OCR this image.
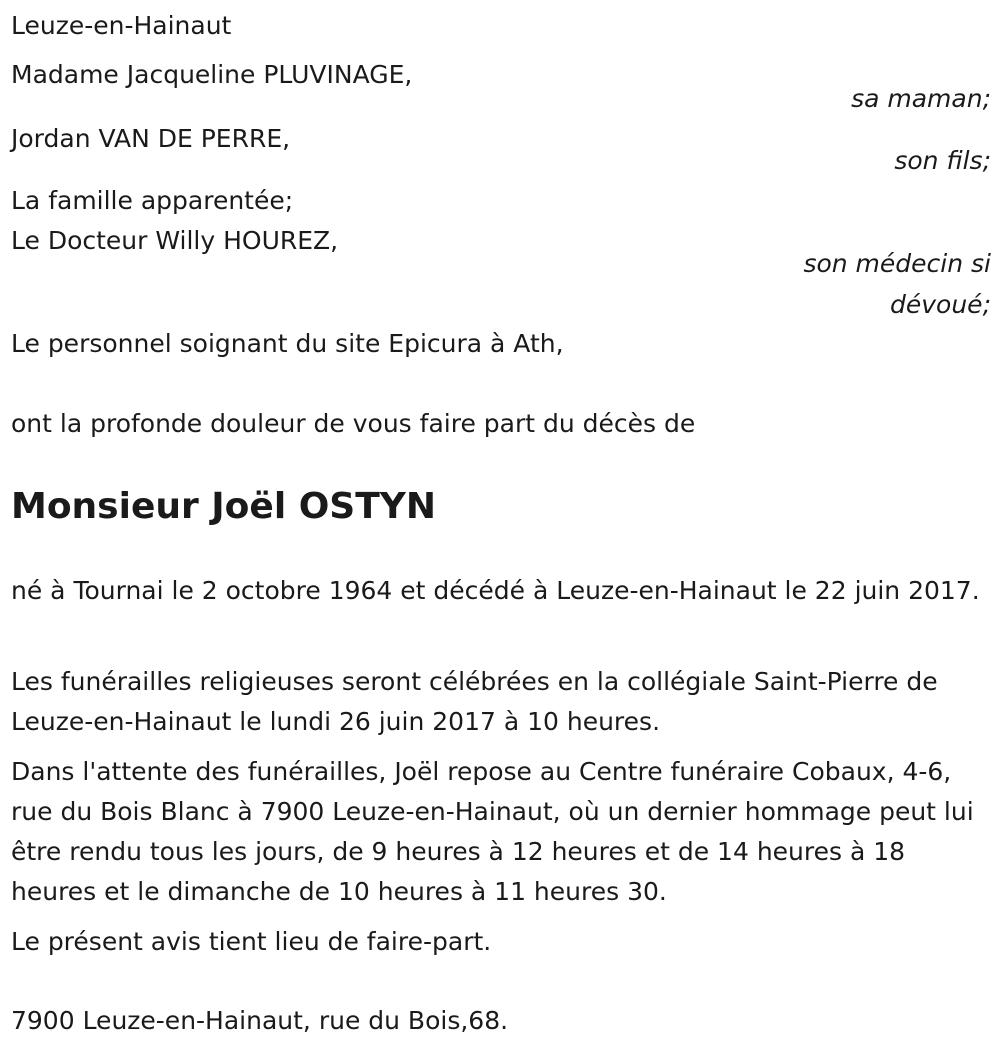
Leuze-en-Hainaut
Madame Jacqueline PLUVINAGE,
sa maman;
Jordan VAN DE PERRE,
son fils;
La famille apparentée;
Le Docteur Willy HOUREZ,
son médecin si
dévoué;
Le personnel soignant du site Epicura à Ath,
ont la profonde douleur de vous faire part du décès de
Monsieur Joël OSTYN
né à Tournai le 2 octobre 1964 et décédé à Leuze-en-Hainaut le 22 juin 2017.
Les funérailles religieuses seront célébrées en la collégiale Saint-Pierre de Leuze-en-Hainaut le lundi 26 juin 2017 à 10 heures.
Dans l'attente des funérailles, Joël repose au Centre funéraire Cobaux, 4-6, rue du Bois Blanc à 7900 Leuze-en-Hainaut, où un dernier hommage peut lui être rendu tous les jours, de 9 heures à 12 heures et de 14 heures à 18 heures et le dimanche de 10 heures à 11 heures 30.
Le présent avis tient lieu de faire-part.
7900 Leuze-en-Hainaut, rue du Bois,68.
